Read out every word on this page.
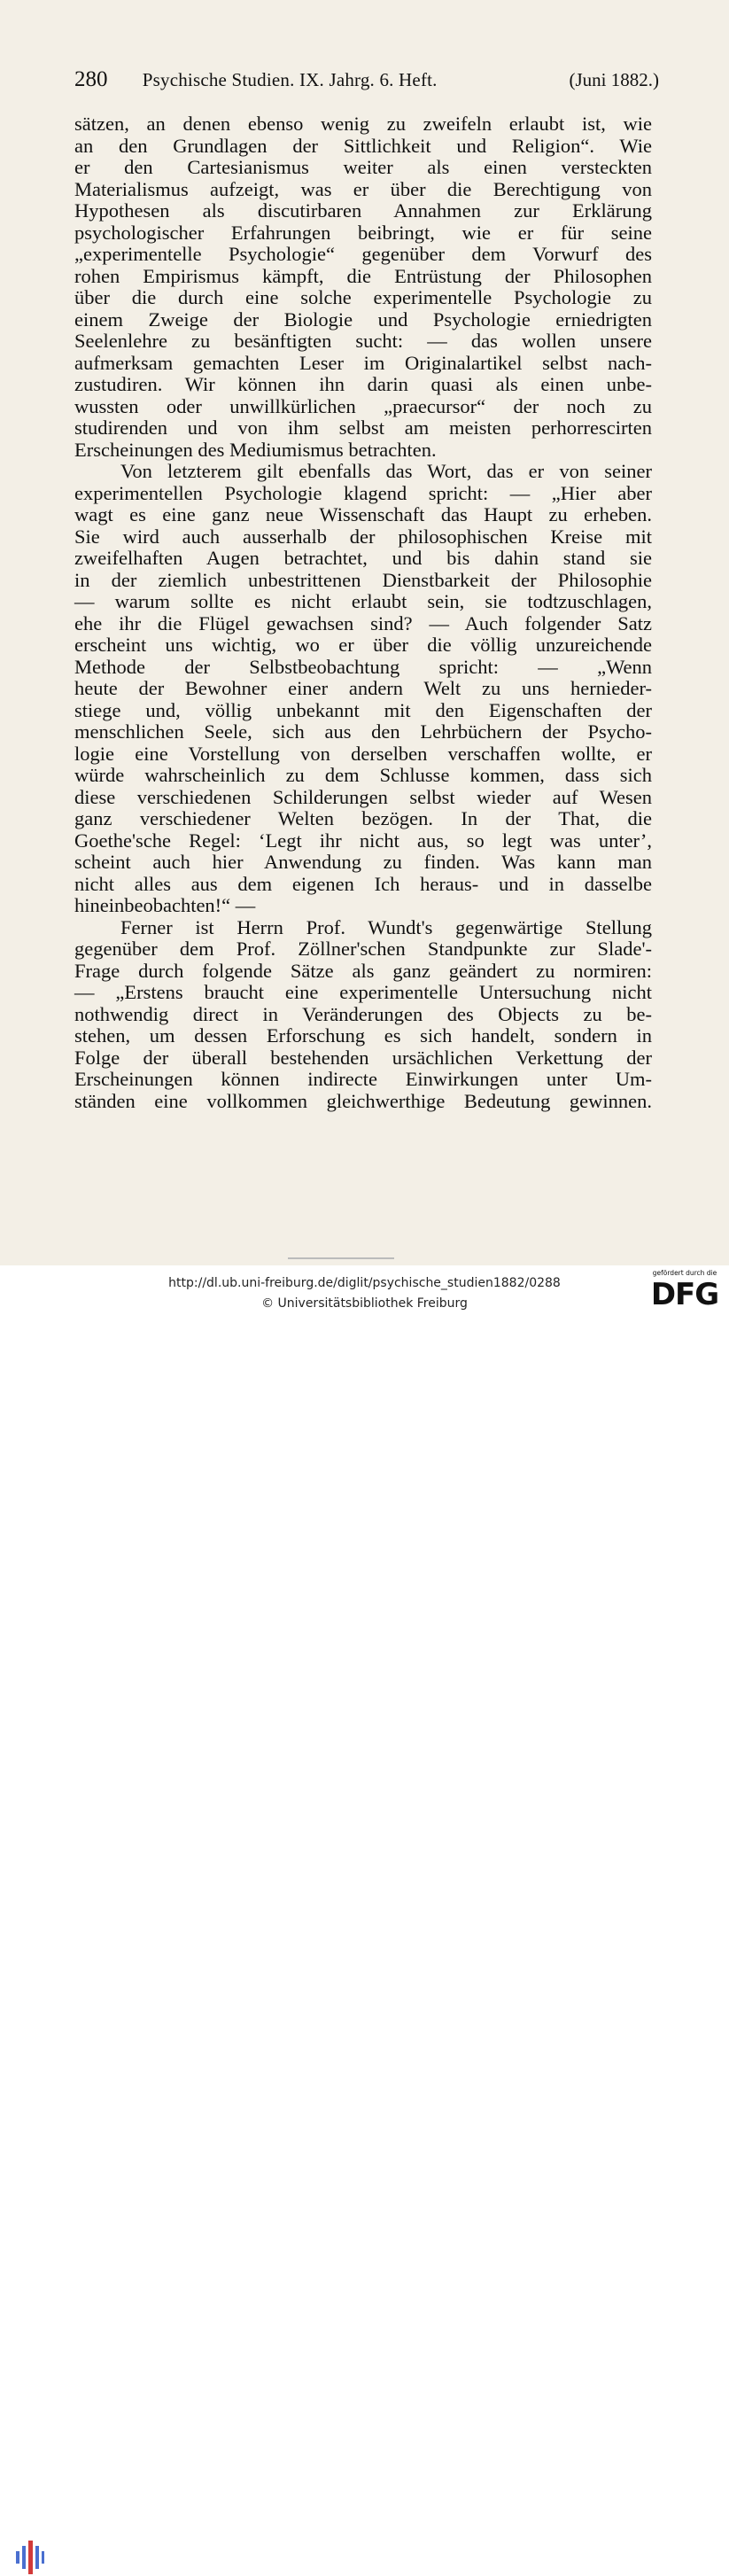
280 Psychische Studien. IX. Jahrg. 6. Heft.	(Juni 1882.)
sätzen, an denen ebenso wenig zu zweifeln erlaubt ist, wie
an den Grundlagen der Sittlichkeit und Religion“. Wie
er den Cartesianismus weiter als einen versteckten
Materialismus aufzeigt, was er über die Berechtigung von
Hypothesen als discutirbaren Annahmen zur Erklärung
psychologischer Erfahrungen beibringt, wie er für seine
„experimentelle Psychologie“ gegenüber dem Vorwurf des
rohen Empirismus kämpft, die Entrüstung der Philosophen
über die durch eine solche experimentelle Psychologie zu
einem Zweige der Biologie und Psychologie erniedrigten
Seelenlehre zu besänftigten sucht: — das wollen unsere
aufmerksam gemachten Leser im Originalartikel selbst nach-
zustudiren. Wir können ihn darin quasi als einen unbe-
wussten oder unwillkürlichen „praecursor“ der noch zu
studirenden und von ihm selbst am meisten perhorrescirten
Erscheinungen des Mediumismus betrachten.
Von letzterem gilt ebenfalls das Wort, das er von seiner
experimentellen Psychologie klagend spricht: — „Hier aber
wagt es eine ganz neue Wissenschaft das Haupt zu erheben.
Sie wird auch ausserhalb der philosophischen Kreise mit
zweifelhaften Augen betrachtet, und bis dahin stand sie
in der ziemlich unbestrittenen Dienstbarkeit der Philosophie
— warum sollte es nicht erlaubt sein, sie todtzuschlagen,
ehe ihr die Flügel gewachsen sind? — Auch folgender Satz
erscheint uns wichtig, wo er über die völlig unzureichende
Methode der Selbstbeobachtung spricht: — „Wenn
heute der Bewohner einer andern Welt zu uns hernieder-
stiege und, völlig unbekannt mit den Eigenschaften der
menschlichen Seele, sich aus den Lehrbüchern der Psycho-
logie eine Vorstellung von derselben verschaffen wollte, er
würde wahrscheinlich zu dem Schlusse kommen, dass sich
diese verschiedenen Schilderungen selbst wieder auf Wesen
ganz verschiedener Welten bezögen. In der That, die
Goethe'sche Regel: ‘Legt ihr nicht aus, so legt was unter’,
scheint auch hier Anwendung zu finden. Was kann man
nicht alles aus dem eigenen Ich heraus- und in dasselbe
hineinbeobachten!“ —
Ferner ist Herrn Prof. Wundt's gegenwärtige Stellung
gegenüber dem Prof. Zöllner'schen Standpunkte zur Slade'-
Frage durch folgende Sätze als ganz geändert zu normiren:
— „Erstens braucht eine experimentelle Untersuchung nicht
nothwendig direct in Veränderungen des Objects zu be-
stehen, um dessen Erforschung es sich handelt, sondern in
Folge der überall bestehenden ursächlichen Verkettung der
Erscheinungen können indirecte Einwirkungen unter Um-
ständen eine vollkommen gleichwerthige Bedeutung gewinnen.
http://dl.ub.uni-freiburg.de/diglit/psychische_studien1882/0288
© Universitätsbibliothek Freiburg
gefördert durch die
DFG
